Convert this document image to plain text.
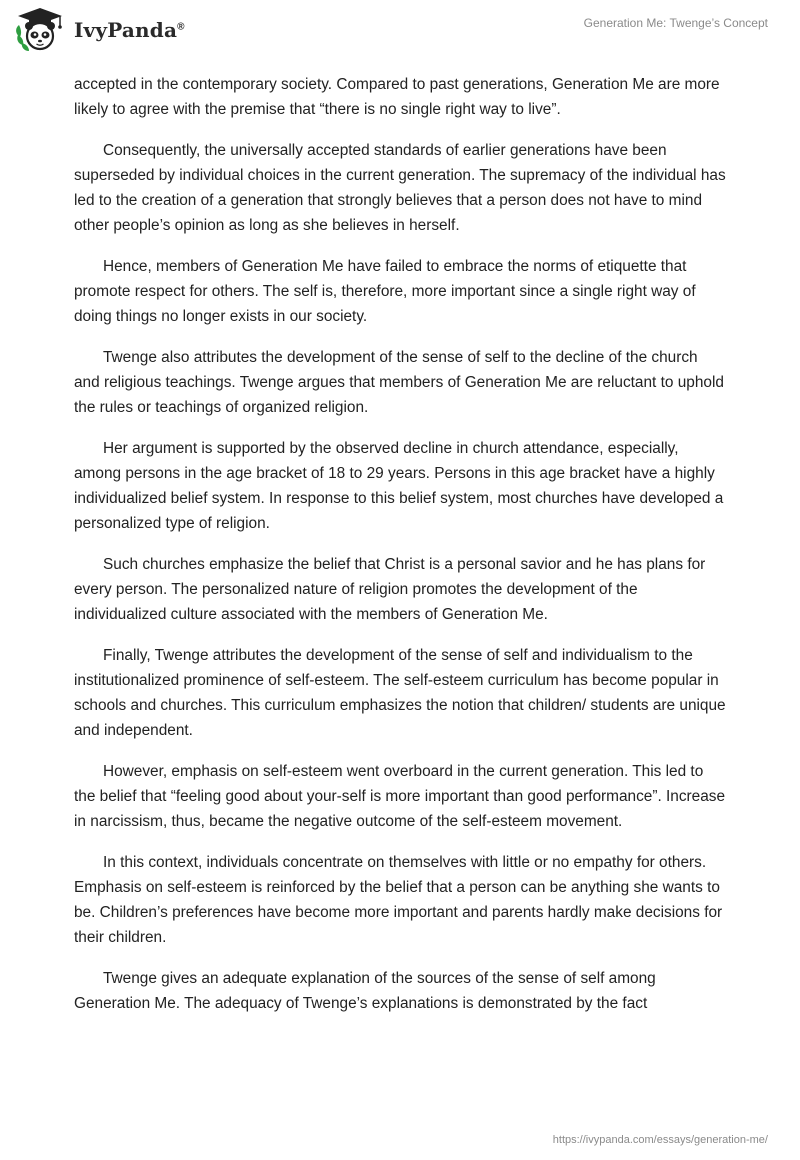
IvyPanda®	Generation Me: Twenge’s Concept

accepted in the contemporary society. Compared to past generations, Generation Me are more likely to agree with the premise that “there is no single right way to live”.

Consequently, the universally accepted standards of earlier generations have been superseded by individual choices in the current generation. The supremacy of the individual has led to the creation of a generation that strongly believes that a person does not have to mind other people’s opinion as long as she believes in herself.

Hence, members of Generation Me have failed to embrace the norms of etiquette that promote respect for others. The self is, therefore, more important since a single right way of doing things no longer exists in our society.

Twenge also attributes the development of the sense of self to the decline of the church and religious teachings. Twenge argues that members of Generation Me are reluctant to uphold the rules or teachings of organized religion.

Her argument is supported by the observed decline in church attendance, especially, among persons in the age bracket of 18 to 29 years. Persons in this age bracket have a highly individualized belief system. In response to this belief system, most churches have developed a personalized type of religion.

Such churches emphasize the belief that Christ is a personal savior and he has plans for every person. The personalized nature of religion promotes the development of the individualized culture associated with the members of Generation Me.

Finally, Twenge attributes the development of the sense of self and individualism to the institutionalized prominence of self-esteem. The self-esteem curriculum has become popular in schools and churches. This curriculum emphasizes the notion that children/ students are unique and independent.

However, emphasis on self-esteem went overboard in the current generation. This led to the belief that “feeling good about your-self is more important than good performance”. Increase in narcissism, thus, became the negative outcome of the self-esteem movement.

In this context, individuals concentrate on themselves with little or no empathy for others. Emphasis on self-esteem is reinforced by the belief that a person can be anything she wants to be. Children’s preferences have become more important and parents hardly make decisions for their children.

Twenge gives an adequate explanation of the sources of the sense of self among Generation Me. The adequacy of Twenge’s explanations is demonstrated by the fact

https://ivypanda.com/essays/generation-me/
